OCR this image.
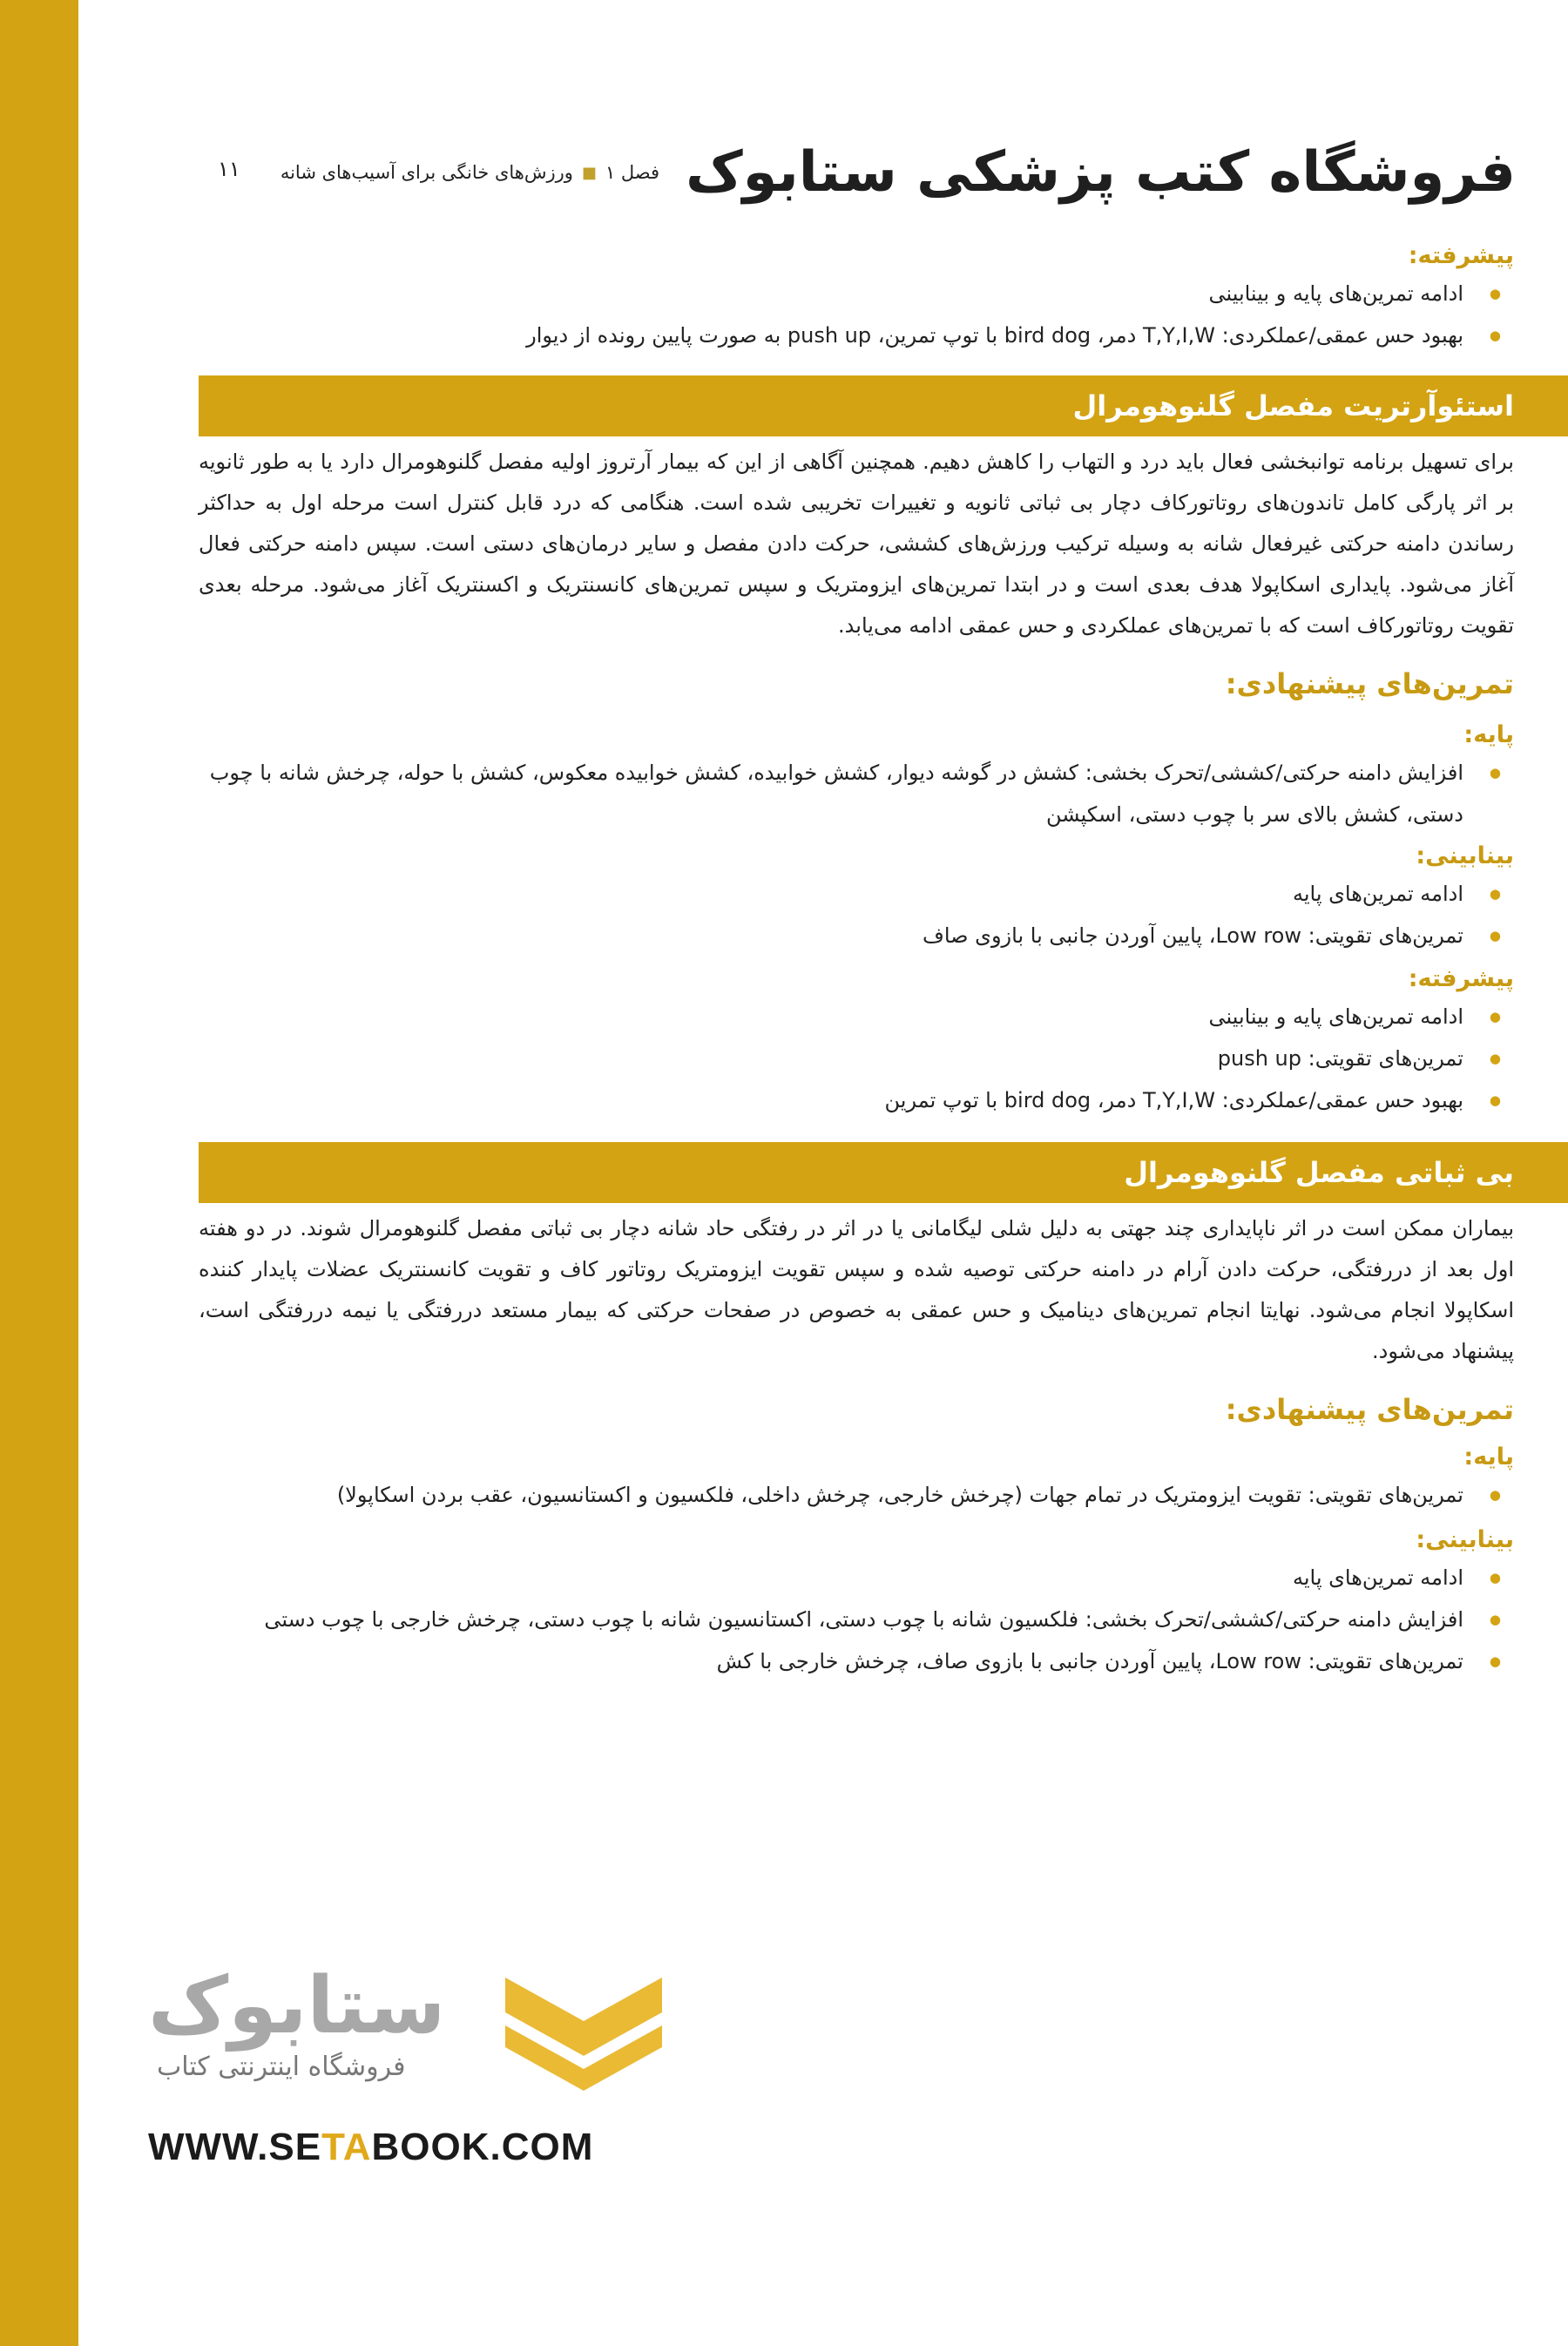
فروشگاه کتب پزشکی ستابوک
فصل ۱
■
ورزش‌های خانگی برای آسیب‌های شانه
۱۱

پیشرفته:

● ادامه تمرین‌های پایه و بینابینی
● بهبود حس عمقی/عملکردی: T,Y,I,W دمر، bird dog با توپ تمرین، push up به صورت پایین رونده از دیوار
استئوآرتریت مفصل گلنوهومرال

برای تسهیل برنامه توانبخشی فعال باید درد و التهاب را کاهش دهیم. همچنین آگاهی از این که بیمار آرتروز اولیه مفصل گلنوهومرال دارد یا به طور ثانویه بر اثر پارگی کامل تاندون‌های روتاتورکاف دچار بی ثباتی ثانویه و تغییرات تخریبی شده است. هنگامی که درد قابل کنترل است مرحله اول به حداکثر رساندن دامنه حرکتی غیرفعال شانه به وسیله ترکیب ورزش‌های کششی، حرکت دادن مفصل و سایر درمان‌های دستی است. سپس دامنه حرکتی فعال آغاز می‌شود. پایداری اسکاپولا هدف بعدی است و در ابتدا تمرین‌های ایزومتریک و سپس تمرین‌های کانسنتریک و اکسنتریک آغاز می‌شود. مرحله بعدی تقویت روتاتورکاف است که با تمرین‌های عملکردی و حس عمقی ادامه می‌یابد.

تمرین‌های پیشنهادی:

پایه:

● افزایش دامنه حرکتی/کششی/تحرک بخشی: کشش در گوشه دیوار، کشش خوابیده، کشش خوابیده معکوس، کشش با حوله، چرخش شانه با چوب دستی، کشش بالای سر با چوب دستی، اسکپشن

بینابینی:

● ادامه تمرین‌های پایه
● تمرین‌های تقویتی: Low row، پایین آوردن جانبی با بازوی صاف

پیشرفته:

● ادامه تمرین‌های پایه و بینابینی
● تمرین‌های تقویتی: push up
● بهبود حس عمقی/عملکردی: T,Y,I,W دمر، bird dog با توپ تمرین
بی ثباتی مفصل گلنوهومرال

بیماران ممکن است در اثر ناپایداری چند جهتی به دلیل شلی لیگامانی یا در اثر در رفتگی حاد شانه دچار بی ثباتی مفصل گلنوهومرال شوند. در دو هفته اول بعد از دررفتگی، حرکت دادن آرام در دامنه حرکتی توصیه شده و سپس تقویت ایزومتریک روتاتور کاف و تقویت کانسنتریک عضلات پایدار کننده اسکاپولا انجام می‌شود. نهایتا انجام تمرین‌های دینامیک و حس عمقی به خصوص در صفحات حرکتی که بیمار مستعد دررفتگی یا نیمه دررفتگی است، پیشنهاد می‌شود.

تمرین‌های پیشنهادی:

پایه:

● تمرین‌های تقویتی: تقویت ایزومتریک در تمام جهات (چرخش خارجی، چرخش داخلی، فلکسیون و اکستانسیون، عقب بردن اسکاپولا)

بینابینی:

● ادامه تمرین‌های پایه
● افزایش دامنه حرکتی/کششی/تحرک بخشی: فلکسیون شانه با چوب دستی، اکستانسیون شانه با چوب دستی، چرخش خارجی با چوب دستی
● تمرین‌های تقویتی: Low row، پایین آوردن جانبی با بازوی صاف، چرخش خارجی با کش
ستابوک
فروشگاه اینترنتی کتاب
WWW.SETABOOK.COM
